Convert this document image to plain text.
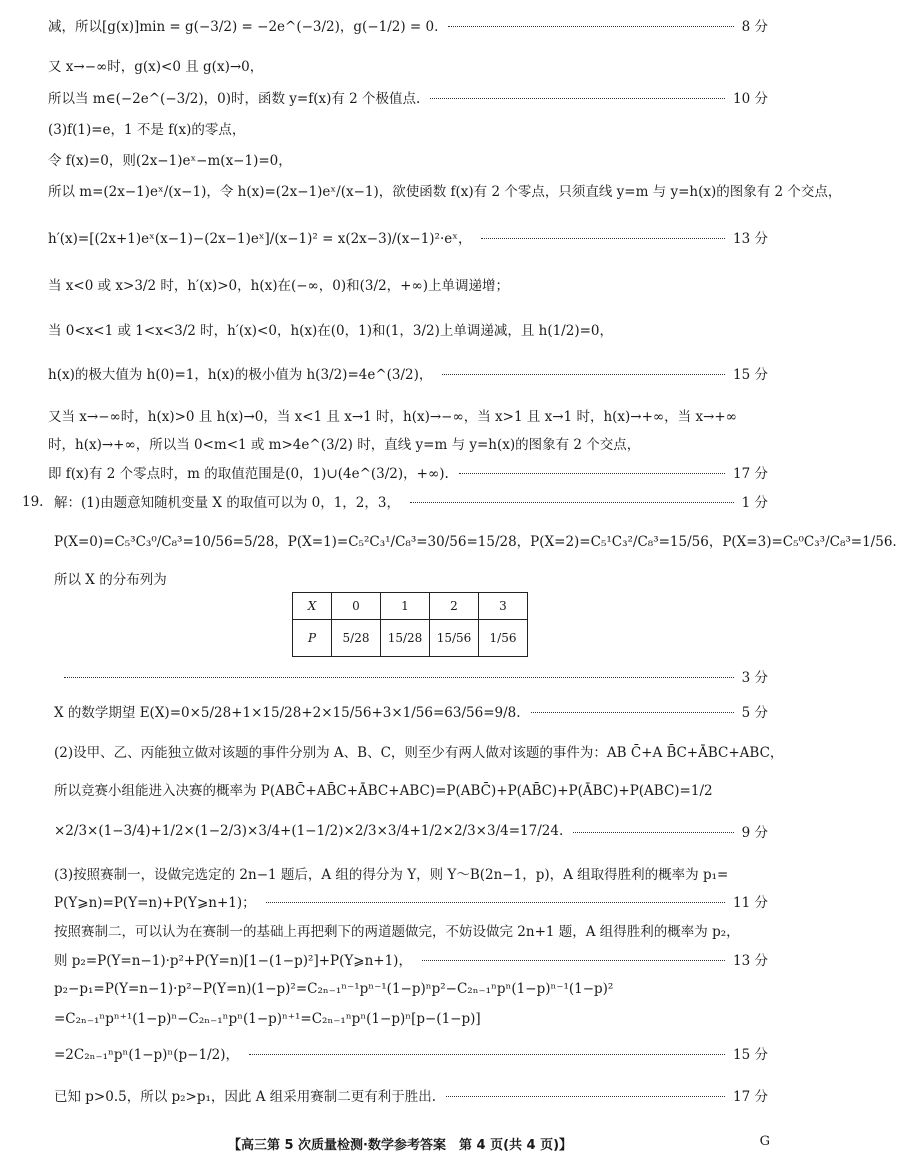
减，所以[g(x)]min = g(−3/2) = −2e^(−3/2)，g(−1/2) = 0.	8 分
又 x→−∞时，g(x)<0 且 g(x)→0，
所以当 m∈(−2e^(−3/2)，0)时，函数 y=f(x)有 2 个极值点.	10 分
(3)f(1)=e，1 不是 f(x)的零点，
令 f(x)=0，则(2x−1)eˣ−m(x−1)=0，
所以 m=(2x−1)eˣ/(x−1)，令 h(x)=(2x−1)eˣ/(x−1)，欲使函数 f(x)有 2 个零点，只须直线 y=m 与 y=h(x)的图象有 2 个交点，
h′(x)=[(2x+1)eˣ(x−1)−(2x−1)eˣ]/(x−1)² = x(2x−3)/(x−1)²·eˣ，	13 分
当 x<0 或 x>3/2 时，h′(x)>0，h(x)在(−∞，0)和(3/2，+∞)上单调递增；
当 0<x<1 或 1<x<3/2 时，h′(x)<0，h(x)在(0，1)和(1，3/2)上单调递减，且 h(1/2)=0，
h(x)的极大值为 h(0)=1，h(x)的极小值为 h(3/2)=4e^(3/2)，	15 分
又当 x→−∞时，h(x)>0 且 h(x)→0，当 x<1 且 x→1 时，h(x)→−∞，当 x>1 且 x→1 时，h(x)→+∞，当 x→+∞
时，h(x)→+∞，所以当 0<m<1 或 m>4e^(3/2) 时，直线 y=m 与 y=h(x)的图象有 2 个交点，
即 f(x)有 2 个零点时，m 的取值范围是(0，1)∪(4e^(3/2)，+∞).	17 分
解：(1)由题意知随机变量 X 的取值可以为 0，1，2，3，	1 分
P(X=0)=C₅³C₃⁰/C₈³=10/56=5/28，P(X=1)=C₅²C₃¹/C₈³=30/56=15/28，P(X=2)=C₅¹C₃²/C₈³=15/56，P(X=3)=C₅⁰C₃³/C₈³=1/56.
所以 X 的分布列为
3 分
X 的数学期望 E(X)=0×5/28+1×15/28+2×15/56+3×1/56=63/56=9/8.	5 分
(2)设甲、乙、丙能独立做对该题的事件分别为 A、B、C，则至少有两人做对该题的事件为：AB C̄+A B̄C+ĀBC+ABC，
所以竞赛小组能进入决赛的概率为 P(ABC̄+AB̄C+ĀBC+ABC)=P(ABC̄)+P(AB̄C)+P(ĀBC)+P(ABC)=1/2
×2/3×(1−3/4)+1/2×(1−2/3)×3/4+(1−1/2)×2/3×3/4+1/2×2/3×3/4=17/24.	9 分
(3)按照赛制一，设做完选定的 2n−1 题后，A 组的得分为 Y，则 Y～B(2n−1，p)，A 组取得胜利的概率为 p₁=
P(Y⩾n)=P(Y=n)+P(Y⩾n+1)；	11 分
按照赛制二，可以认为在赛制一的基础上再把剩下的两道题做完，不妨设做完 2n+1 题，A 组得胜利的概率为 p₂，
则 p₂=P(Y=n−1)·p²+P(Y=n)[1−(1−p)²]+P(Y⩾n+1)，	13 分
p₂−p₁=P(Y=n−1)·p²−P(Y=n)(1−p)²=C₂ₙ₋₁ⁿ⁻¹pⁿ⁻¹(1−p)ⁿp²−C₂ₙ₋₁ⁿpⁿ(1−p)ⁿ⁻¹(1−p)²
=C₂ₙ₋₁ⁿpⁿ⁺¹(1−p)ⁿ−C₂ₙ₋₁ⁿpⁿ(1−p)ⁿ⁺¹=C₂ₙ₋₁ⁿpⁿ(1−p)ⁿ[p−(1−p)]
=2C₂ₙ₋₁ⁿpⁿ(1−p)ⁿ(p−1/2)，	15 分
已知 p>0.5，所以 p₂>p₁，因此 A 组采用赛制二更有利于胜出.	17 分
X	0	1	2	3
P	5/28	15/28	15/56	1/56
19.
【高三第 5 次质量检测·数学参考答案　第 4 页(共 4 页)】	G
